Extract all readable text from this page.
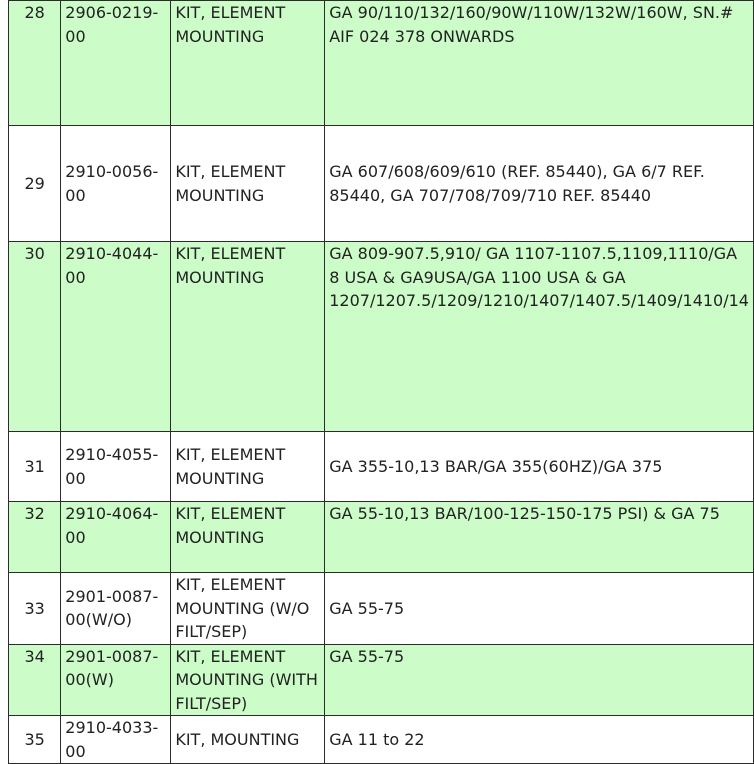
28	2906-0219-00	KIT, ELEMENT MOUNTING	GA 90/110/132/160/90W/110W/132W/160W, SN.# AIF 024 378 ONWARDS
29	2910-0056-00	KIT, ELEMENT MOUNTING	GA 607/608/609/610 (REF. 85440), GA 6/7 REF. 85440, GA 707/708/709/710 REF. 85440
30	2910-4044-00	KIT, ELEMENT MOUNTING	GA 809-907.5,910/ GA 1107-1107.5,1109,1110/GA 8 USA & GA9USA/GA 1100 USA & GA 1207/1207.5/1209/1210/1407/1407.5/1409/1410/14
31	2910-4055-00	KIT, ELEMENT MOUNTING	GA 355-10,13 BAR/GA 355(60HZ)/GA 375
32	2910-4064-00	KIT, ELEMENT MOUNTING	GA 55-10,13 BAR/100-125-150-175 PSI) & GA 75
33	2901-0087-00(W/O)	KIT, ELEMENT MOUNTING (W/O FILT/SEP)	GA 55-75
34	2901-0087-00(W)	KIT, ELEMENT MOUNTING (WITH FILT/SEP)	GA 55-75
35	2910-4033-00	KIT, MOUNTING	GA 11 to 22
